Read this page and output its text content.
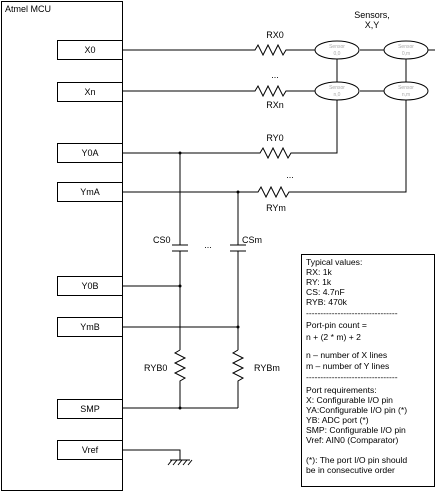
Sensor
0,0
Sensor
0,m
Sensor
n,0
Sensor
n,m
Sensors,
X,Y
Atmel MCU
X0
Xn
Y0A
YmA
Y0B
YmB
SMP
Vref
RX0
...
RXn
RY0
...
RYm
CS0	...	CSm
RYB0	RYBm
Typical values:
RX: 1k
RY: 1k
CS: 4.7nF
RYB: 470k
--------------------------------
Port-pin count =
n + (2 * m) + 2
n – number of X lines
m – number of Y lines
--------------------------------
Port requirements:
X: Configurable I/O pin
YA:Configurable I/O pin (*)
YB: ADC port (*)
SMP: Configurable I/O pin
Vref: AIN0 (Comparator)
(*): The port I/O pin should
be in consecutive order
